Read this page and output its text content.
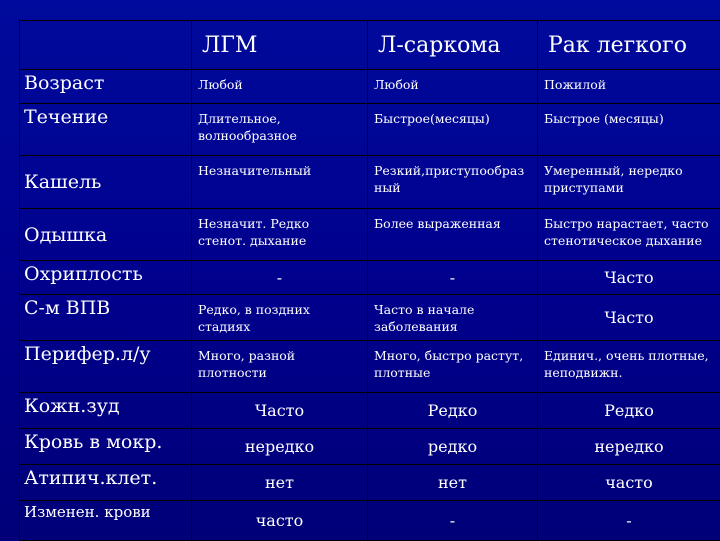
	ЛГМ	Л-саркома	Рак легкого
Возраст	Любой	Любой	Пожилой
Течение	Длительное, волнообразное	Быстрое(месяцы)	Быстрое (месяцы)
Кашель	Незначительный	Резкий,приступообразный	Умеренный, нередко приступами
Одышка	Незначит. Редко стенот. дыхание	Более выраженная	Быстро нарастает, часто стенотическое дыхание
Охриплость	-	-	Часто
С-м ВПВ	Редко, в поздних стадиях	Часто в начале заболевания	Часто
Перифер.л/у	Много, разной плотности	Много, быстро растут, плотные	Единич., очень плотные, неподвижн.
Кожн.зуд	Часто	Редко	Редко
Кровь в мокр.	нередко	редко	нередко
Атипич.клет.	нет	нет	часто
Изменен. крови	часто	-	-
